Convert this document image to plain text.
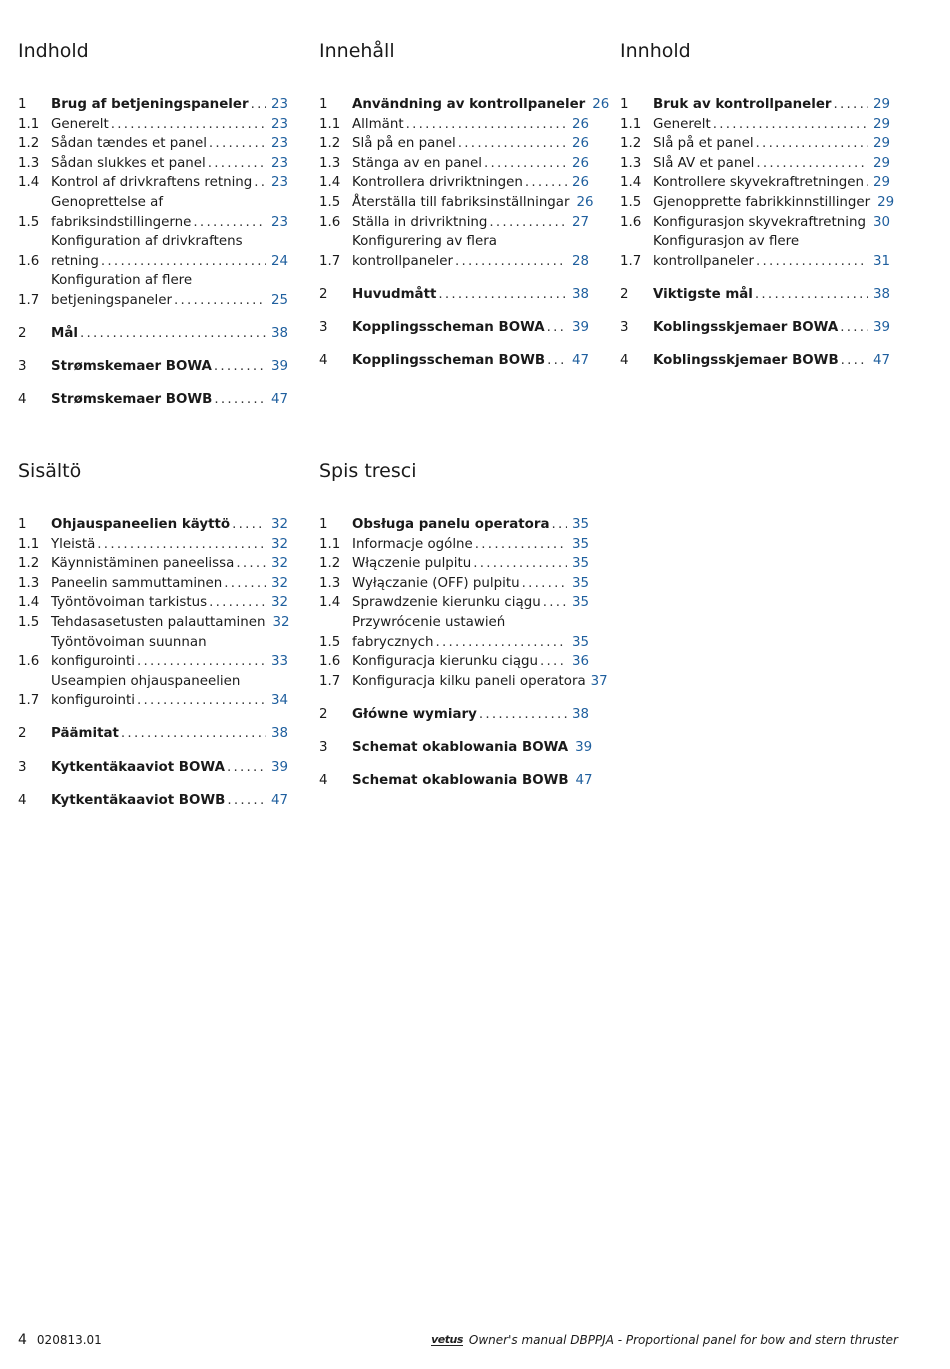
Indhold
1	Brug af betjeningspaneler . . . 23
1.1 Generelt . . .	23
1.2 Sådan tændes et panel . . .	23
1.3 Sådan slukkes et panel . . .	23
1.4 Kontrol af drivkraftens retning . . . 23
1.5
Genoprettelse af
fabriksindstillingerne . . .	23
1.6
Konfiguration af drivkraftens
retning . . .	24
1.7
Konfiguration af flere
betjeningspaneler . . .	25
2	Mål . . .	38
3	Strømskemaer BOWA . . .	39
4	Strømskemaer BOWB . . .	47
Innehåll
1	Användning av kontrollpaneler 26
1.1 Allmänt . . .	26
1.2 Slå på en panel . . .	26
1.3 Stänga av en panel . . .	26
1.4 Kontrollera drivriktningen . . .	26
1.5 Återställa till fabriksinställningar 26
1.6 Ställa in drivriktning . . .	27
1.7
Konfigurering av flera
kontrollpaneler . . .	28
2	Huvudmått . . .	38
3	Kopplingsscheman BOWA . . . 39
4	Kopplingsscheman BOWB . . . 47
Innhold
1	Bruk av kontrollpaneler . . .	29
1.1 Generelt . . .	29
1.2 Slå på et panel . . .	29
1.3 Slå AV et panel . . .	29
1.4 Kontrollere skyvekraftretningen . . . 29
1.5 Gjenopprette fabrikkinnstillinger 29
1.6 Konfigurasjon skyvekraftretning 30
1.7
Konfigurasjon av flere
kontrollpaneler . . .	31
2	Viktigste mål . . .	38
3	Koblingsskjemaer BOWA . . .	39
4	Koblingsskjemaer BOWB . . .	47
Sisältö
1	Ohjauspaneelien käyttö . . .	32
1.1 Yleistä . . .	32
1.2 Käynnistäminen paneelissa . . .	32
1.3 Paneelin sammuttaminen . . .	32
1.4 Työntövoiman tarkistus . . .	32
1.5 Tehdasasetusten palauttaminen 32
1.6
Työntövoiman suunnan
konfigurointi . . .	33
1.7
Useampien ohjauspaneelien
konfigurointi . . .	34
2	Päämitat . . .	38
3	Kytkentäkaaviot BOWA . . .	39
4	Kytkentäkaaviot BOWB . . .	47
Spis tresci
1	Obsługa panelu operatora . . . 35
1.1 Informacje ogólne . . .	35
1.2 Włączenie pulpitu . . .	35
1.3 Wyłączanie (OFF) pulpitu . . .	35
1.4 Sprawdzenie kierunku ciągu . . . 35
1.5
Przywrócenie ustawień
fabrycznych . . .	35
1.6 Konfiguracja kierunku ciągu . . .	36
1.7 Konfiguracja kilku paneli operatora 37
2	Główne wymiary . . .	38
3	Schemat okablowania BOWA 39
4	Schemat okablowania BOWB 47
4 020813.01	vetus Owner's manual DBPPJA - Proportional panel for bow and stern thruster
